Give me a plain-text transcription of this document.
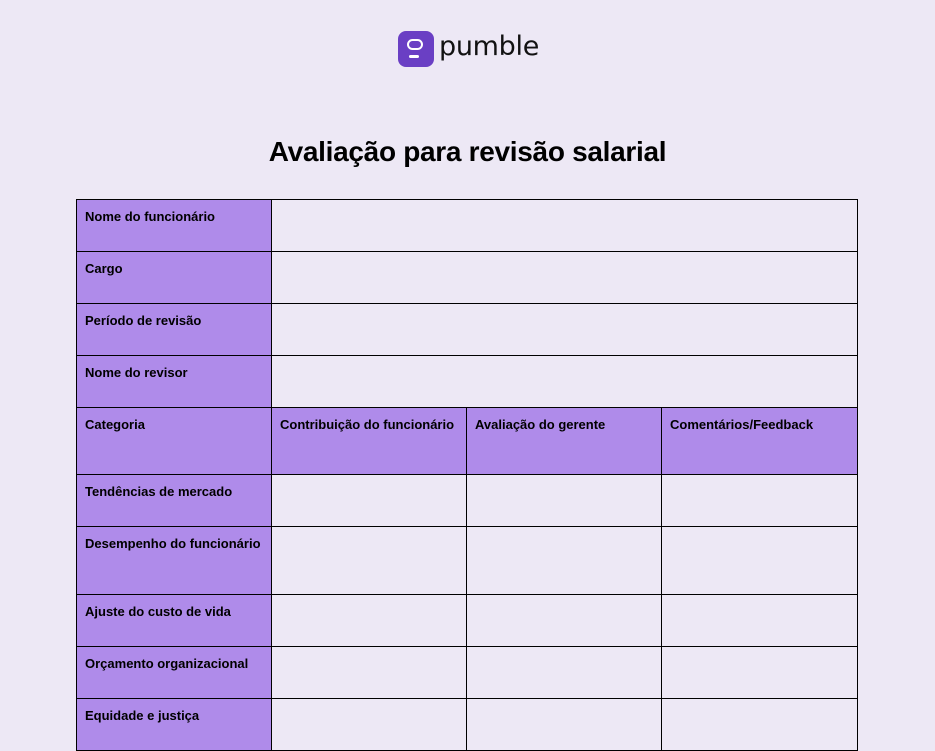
pumble
Avaliação para revisão salarial
Nome do funcionário			
Cargo			
Período de revisão			
Nome do revisor			
Categoria	Contribuição do funcionário	Avaliação do gerente	Comentários/Feedback
Tendências de mercado			
Desempenho do funcionário			
Ajuste do custo de vida			
Orçamento organizacional			
Equidade e justiça			
